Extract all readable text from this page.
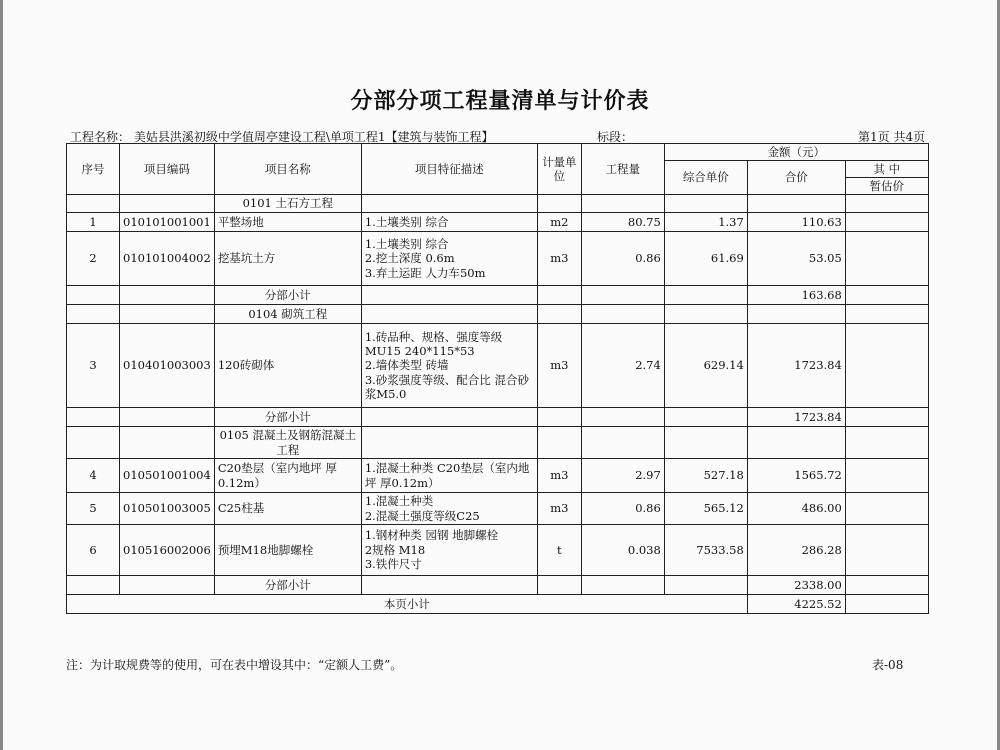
分部分项工程量清单与计价表
工程名称： 美姑县洪溪初级中学值周亭建设工程\单项工程1【建筑与装饰工程】	标段：	第1页 共4页
序号	项目编码	项目名称	项目特征描述	计量单位	工程量	金额（元）		
						综合单价	合价	其 中
								暂估价
		0101 土石方工程						
1	010101001001	平整场地	1.土壤类别 综合	m2	80.75	1.37	110.63	
2	010101004002	挖基坑土方	1.土壤类别 综合
2.挖土深度 0.6m
3.弃土运距 人力车50m	m3	0.86	61.69	53.05	
		分部小计					163.68	
		0104 砌筑工程						
3	010401003003	120砖砌体	1.砖品种、规格、强度等级 MU15 240*115*53
2.墙体类型 砖墙
3.砂浆强度等级、配合比 混合砂浆M5.0	m3	2.74	629.14	1723.84	
		分部小计					1723.84	
		0105 混凝土及钢筋混凝土工程						
4	010501001004	C20垫层（室内地坪 厚0.12m）	1.混凝土种类 C20垫层（室内地坪 厚0.12m）	m3	2.97	527.18	1565.72	
5	010501003005	C25柱基	1.混凝土种类
2.混凝土强度等级C25	m3	0.86	565.12	486.00	
6	010516002006	预埋M18地脚螺栓	1.钢材种类 园钢 地脚螺栓
2规格 M18
3.铁件尺寸	t	0.038	7533.58	286.28	
		分部小计					2338.00	
本页小计							4225.52	
注：为计取规费等的使用，可在表中增设其中：“定额人工费”。	表-08
